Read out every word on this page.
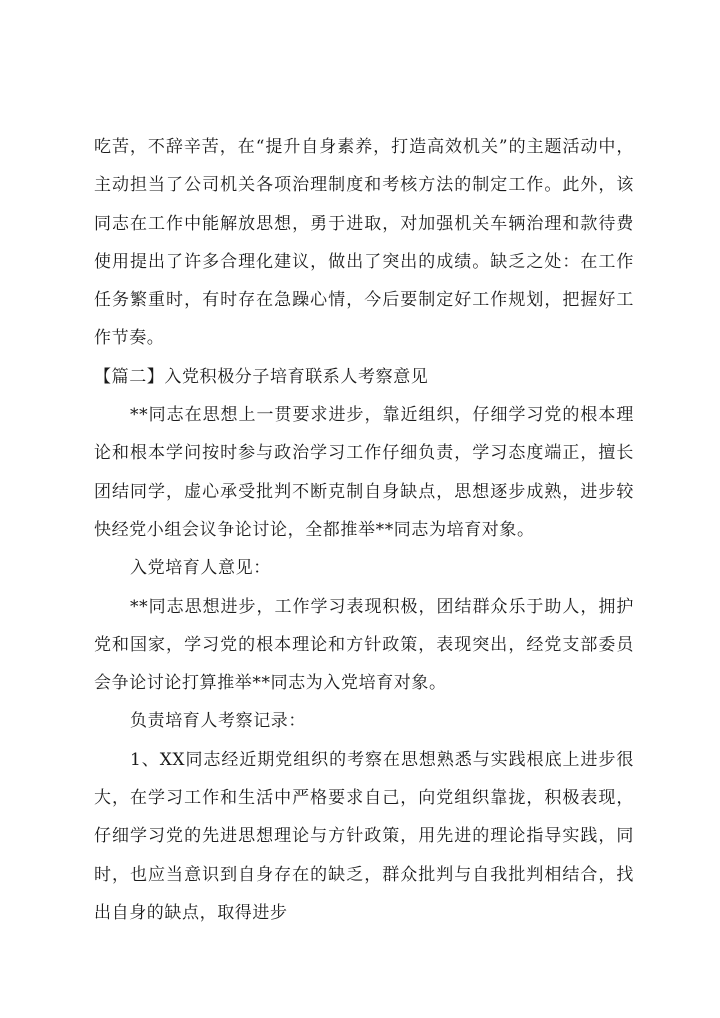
吃苦，不辞辛苦，在“提升自身素养，打造高效机关”的主题活动中，主动担当了公司机关各项治理制度和考核方法的制定工作。此外，该同志在工作中能解放思想，勇于进取，对加强机关车辆治理和款待费使用提出了许多合理化建议，做出了突出的成绩。缺乏之处：在工作任务繁重时，有时存在急躁心情，今后要制定好工作规划，把握好工作节奏。

【篇二】入党积极分子培育联系人考察意见

**同志在思想上一贯要求进步，靠近组织，仔细学习党的根本理论和根本学问按时参与政治学习工作仔细负责，学习态度端正，擅长团结同学，虚心承受批判不断克制自身缺点，思想逐步成熟，进步较快经党小组会议争论讨论，全都推举**同志为培育对象。

入党培育人意见：

**同志思想进步，工作学习表现积极，团结群众乐于助人，拥护党和国家，学习党的根本理论和方针政策，表现突出，经党支部委员会争论讨论打算推举**同志为入党培育对象。

负责培育人考察记录：

1、XX同志经近期党组织的考察在思想熟悉与实践根底上进步很大，在学习工作和生活中严格要求自己，向党组织靠拢，积极表现，仔细学习党的先进思想理论与方针政策，用先进的理论指导实践，同时，也应当意识到自身存在的缺乏，群众批判与自我批判相结合，找出自身的缺点，取得进步
